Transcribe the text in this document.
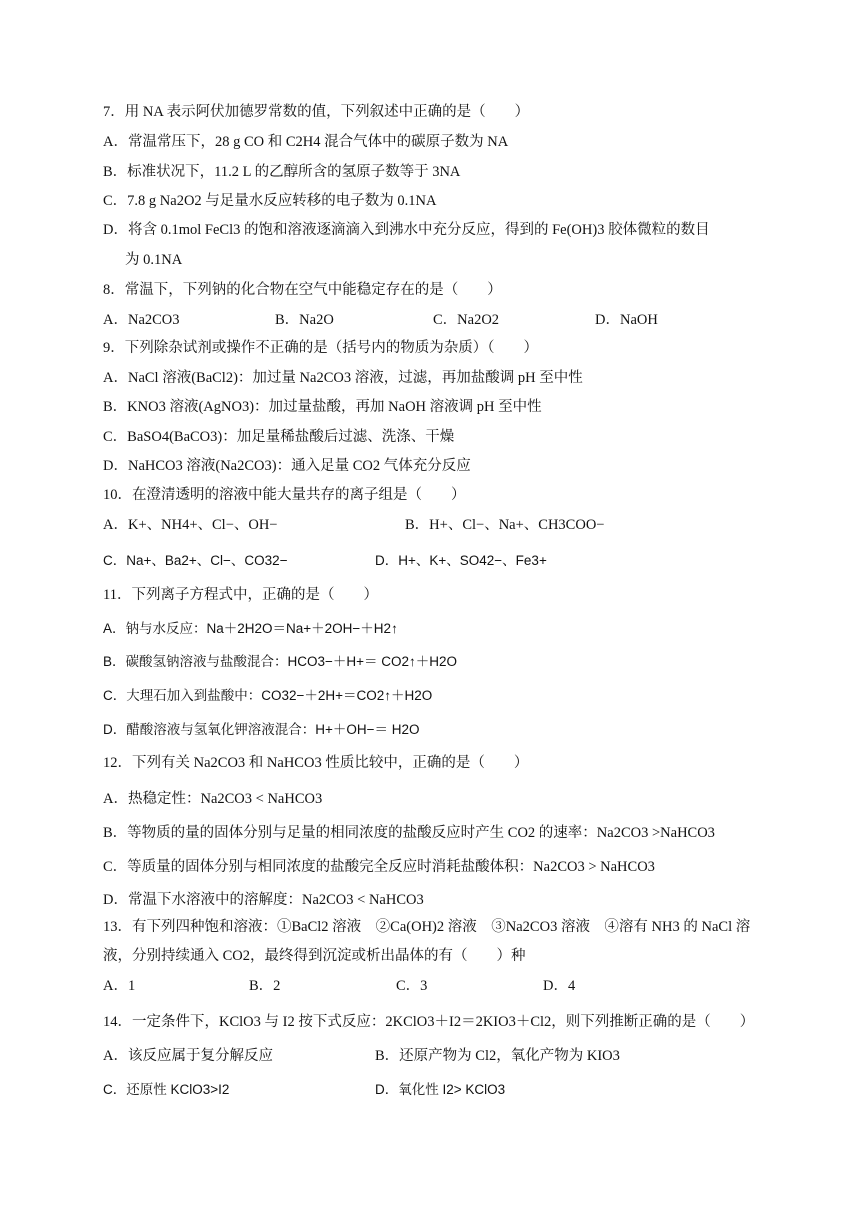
7．用 NA 表示阿伏加德罗常数的值，下列叙述中正确的是（　　）
A．常温常压下，28 g CO 和 C2H4 混合气体中的碳原子数为 NA
B．标准状况下，11.2 L 的乙醇所含的氢原子数等于 3NA
C．7.8 g Na2O2 与足量水反应转移的电子数为 0.1NA
D．将含 0.1mol FeCl3 的饱和溶液逐滴滴入到沸水中充分反应，得到的 Fe(OH)3 胶体微粒的数目
为 0.1NA
8．常温下，下列钠的化合物在空气中能稳定存在的是（　　）
A．Na2CO3	B．Na2O	C．Na2O2	D．NaOH
9．下列除杂试剂或操作不正确的是（括号内的物质为杂质）（　　）
A．NaCl 溶液(BaCl2)：加过量 Na2CO3 溶液，过滤，再加盐酸调 pH 至中性
B．KNO3 溶液(AgNO3)：加过量盐酸，再加 NaOH 溶液调 pH 至中性
C．BaSO4(BaCO3)：加足量稀盐酸后过滤、洗涤、干燥
D．NaHCO3 溶液(Na2CO3)：通入足量 CO2 气体充分反应
10．在澄清透明的溶液中能大量共存的离子组是（　　）
A．K+、NH4+、Cl−、OH−	B．H+、Cl−、Na+、CH3COO−
C．Na+、Ba2+、Cl−、CO32−	D．H+、K+、SO42−、Fe3+
11．下列离子方程式中，正确的是（　　）
A．钠与水反应：Na＋2H2O＝Na+＋2OH−＋H2↑
B．碳酸氢钠溶液与盐酸混合：HCO3−＋H+＝ CO2↑＋H2O
C．大理石加入到盐酸中：CO32−＋2H+＝CO2↑＋H2O
D．醋酸溶液与氢氧化钾溶液混合：H+＋OH−＝ H2O
12．下列有关 Na2CO3 和 NaHCO3 性质比较中，正确的是（　　）
A．热稳定性：Na2CO3 < NaHCO3
B．等物质的量的固体分别与足量的相同浓度的盐酸反应时产生 CO2 的速率：Na2CO3 >NaHCO3
C．等质量的固体分别与相同浓度的盐酸完全反应时消耗盐酸体积：Na2CO3 > NaHCO3
D．常温下水溶液中的溶解度：Na2CO3 < NaHCO3
13．有下列四种饱和溶液：①BaCl2 溶液　②Ca(OH)2 溶液　③Na2CO3 溶液　④溶有 NH3 的 NaCl 溶
液，分别持续通入 CO2，最终得到沉淀或析出晶体的有（　　）种
A．1	B．2	C．3	D．4
14．一定条件下，KClO3 与 I2 按下式反应：2KClO3＋I2＝2KIO3＋Cl2，则下列推断正确的是（　　）
A．该反应属于复分解反应	B．还原产物为 Cl2，氧化产物为 KIO3
C．还原性 KClO3>I2	D．氧化性 I2> KClO3
